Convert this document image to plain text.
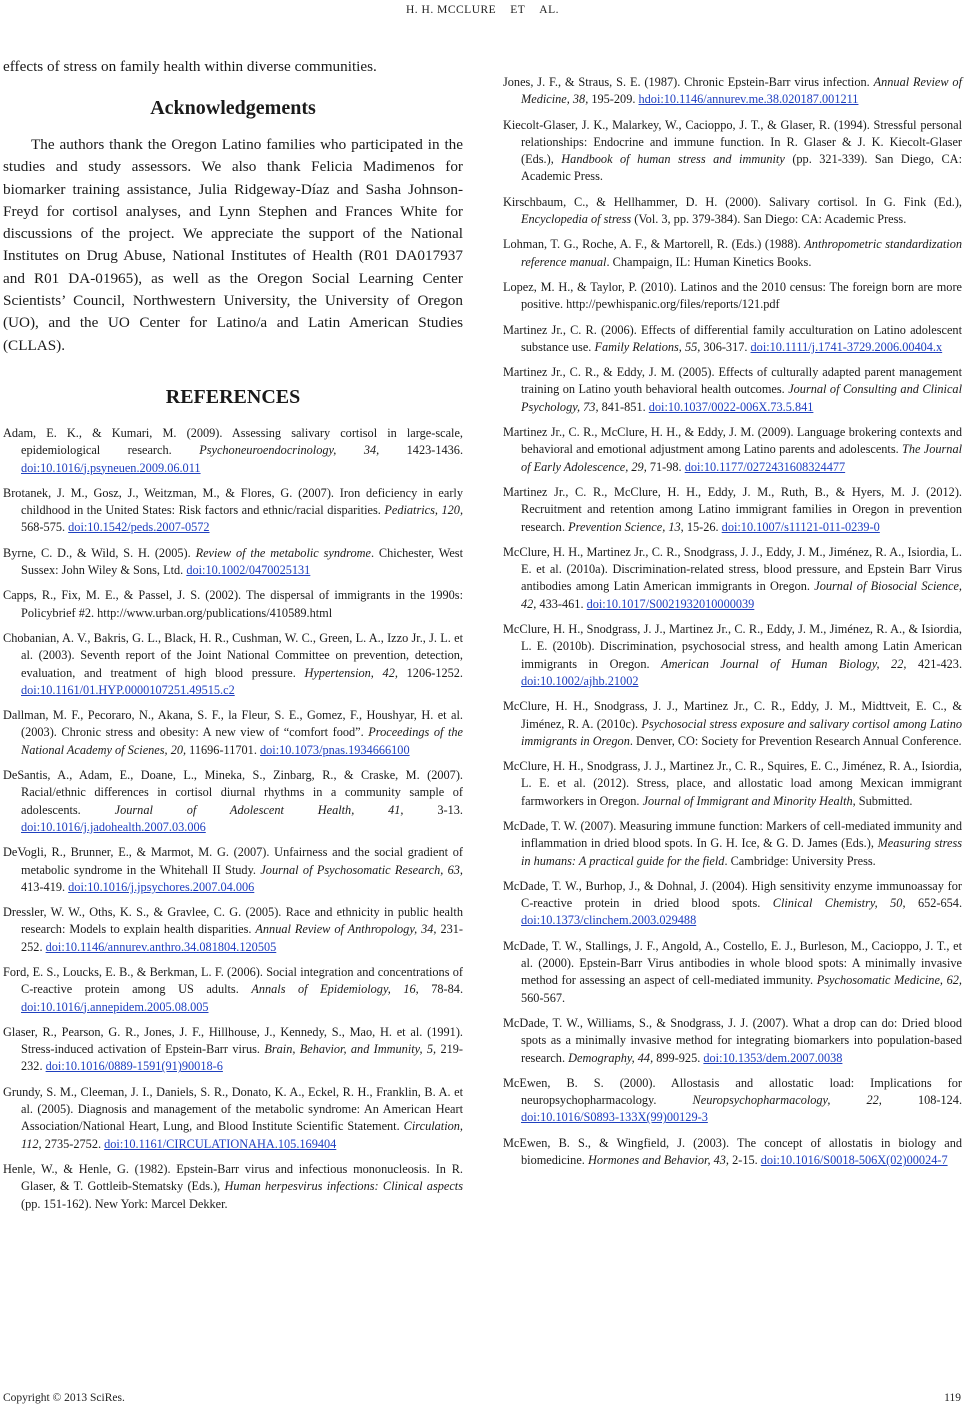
H. H. MCCLURE ET AL.

effects of stress on family health within diverse communities.

Acknowledgements

The authors thank the Oregon Latino families who participated in the studies and study assessors. We also thank Felicia Madimenos for biomarker training assistance, Julia Ridgeway-Díaz and Sasha Johnson-Freyd for cortisol analyses, and Lynn Stephen and Frances White for discussions of the project. We appreciate the support of the National Institutes on Drug Abuse, National Institutes of Health (R01 DA017937 and R01 DA-01965), as well as the Oregon Social Learning Center Scientists’ Council, Northwestern University, the University of Oregon (UO), and the UO Center for Latino/a and Latin American Studies (CLLAS).

REFERENCES

Adam, E. K., & Kumari, M. (2009). Assessing salivary cortisol in large-scale, epidemiological research. Psychoneuroendocrinology, 34, 1423-1436. doi:10.1016/j.psyneuen.2009.06.011

Brotanek, J. M., Gosz, J., Weitzman, M., & Flores, G. (2007). Iron deficiency in early childhood in the United States: Risk factors and ethnic/racial disparities. Pediatrics, 120, 568-575. doi:10.1542/peds.2007-0572

Byrne, C. D., & Wild, S. H. (2005). Review of the metabolic syndrome. Chichester, West Sussex: John Wiley & Sons, Ltd. doi:10.1002/0470025131

Capps, R., Fix, M. E., & Passel, J. S. (2002). The dispersal of immigrants in the 1990s: Policybrief #2. http://www.urban.org/publications/410589.html

Chobanian, A. V., Bakris, G. L., Black, H. R., Cushman, W. C., Green, L. A., Izzo Jr., J. L. et al. (2003). Seventh report of the Joint National Committee on prevention, detection, evaluation, and treatment of high blood pressure. Hypertension, 42, 1206-1252. doi:10.1161/01.HYP.0000107251.49515.c2

Dallman, M. F., Pecoraro, N., Akana, S. F., la Fleur, S. E., Gomez, F., Houshyar, H. et al. (2003). Chronic stress and obesity: A new view of “comfort food”. Proceedings of the National Academy of Scienes, 20, 11696-11701. doi:10.1073/pnas.1934666100

DeSantis, A., Adam, E., Doane, L., Mineka, S., Zinbarg, R., & Craske, M. (2007). Racial/ethnic differences in cortisol diurnal rhythms in a community sample of adolescents.	Journal of Adolescent Health, 41,	3-13. doi:10.1016/j.jadohealth.2007.03.006

DeVogli, R., Brunner, E., & Marmot, M. G. (2007). Unfairness and the social gradient of metabolic syndrome in the Whitehall II Study. Journal of Psychosomatic Research, 63, 413-419. doi:10.1016/j.jpsychores.2007.04.006

Dressler, W. W., Oths, K. S., & Gravlee, C. G. (2005). Race and ethnicity in public health research: Models to explain health disparities. Annual Review of Anthropology, 34, 231-252. doi:10.1146/annurev.anthro.34.081804.120505

Ford, E. S., Loucks, E. B., & Berkman, L. F. (2006). Social integration and concentrations of C-reactive protein among US adults. Annals of Epidemiology, 16, 78-84. doi:10.1016/j.annepidem.2005.08.005

Glaser, R., Pearson, G. R., Jones, J. F., Hillhouse, J., Kennedy, S., Mao, H. et al. (1991). Stress-induced activation of Epstein-Barr virus. Brain, Behavior, and Immunity, 5, 219-232. doi:10.1016/0889-1591(91)90018-6

Grundy, S. M., Cleeman, J. I., Daniels, S. R., Donato, K. A., Eckel, R. H., Franklin, B. A. et al. (2005). Diagnosis and management of the metabolic syndrome: An American Heart Association/National Heart, Lung, and Blood Institute Scientific Statement. Circulation, 112, 2735-2752. doi:10.1161/CIRCULATIONAHA.105.169404

Henle, W., & Henle, G. (1982). Epstein-Barr virus and infectious mononucleosis. In R. Glaser, & T. Gottleib-Stematsky (Eds.), Human herpesvirus infections: Clinical aspects (pp. 151-162). New York: Marcel Dekker.

Jones, J. F., & Straus, S. E. (1987). Chronic Epstein-Barr virus infection. Annual Review of Medicine, 38, 195-209. hdoi:10.1146/annurev.me.38.020187.001211

Kiecolt-Glaser, J. K., Malarkey, W., Cacioppo, J. T., & Glaser, R. (1994). Stressful personal relationships: Endocrine and immune function. In R. Glaser & J. K. Kiecolt-Glaser (Eds.), Handbook of human stress and immunity (pp. 321-339). San Diego, CA: Academic Press.

Kirschbaum, C., & Hellhammer, D. H. (2000). Salivary cortisol. In G. Fink (Ed.), Encyclopedia of stress (Vol. 3, pp. 379-384). San Diego: CA: Academic Press.

Lohman, T. G., Roche, A. F., & Martorell, R. (Eds.) (1988). Anthropometric standardization reference manual. Champaign, IL: Human Kinetics Books.

Lopez, M. H., & Taylor, P. (2010). Latinos and the 2010 census: The foreign born are more positive. http://pewhispanic.org/files/reports/121.pdf

Martinez Jr., C. R. (2006). Effects of differential family acculturation on Latino adolescent substance use. Family Relations, 55, 306-317. doi:10.1111/j.1741-3729.2006.00404.x

Martinez Jr., C. R., & Eddy, J. M. (2005). Effects of culturally adapted parent management training on Latino youth behavioral health outcomes. Journal of Consulting and Clinical Psychology, 73, 841-851. doi:10.1037/0022-006X.73.5.841

Martinez Jr., C. R., McClure, H. H., & Eddy, J. M. (2009). Language brokering contexts and behavioral and emotional adjustment among Latino parents and adolescents. The Journal of Early Adolescence, 29, 71-98. doi:10.1177/0272431608324477

Martinez Jr., C. R., McClure, H. H., Eddy, J. M., Ruth, B., & Hyers, M. J. (2012). Recruitment and retention among Latino immigrant families in Oregon in prevention research. Prevention Science, 13, 15-26. doi:10.1007/s11121-011-0239-0

McClure, H. H., Martinez Jr., C. R., Snodgrass, J. J., Eddy, J. M., Jiménez, R. A., Isiordia, L. E. et al. (2010a). Discrimination-related stress, blood pressure, and Epstein Barr Virus antibodies among Latin American immigrants in Oregon. Journal of Biosocial Science, 42, 433-461. doi:10.1017/S0021932010000039

McClure, H. H., Snodgrass, J. J., Martinez Jr., C. R., Eddy, J. M., Jiménez, R. A., & Isiordia, L. E. (2010b). Discrimination, psychosocial stress, and health among Latin American immigrants in Oregon. American Journal of Human Biology, 22, 421-423. doi:10.1002/ajhb.21002

McClure, H. H., Snodgrass, J. J., Martinez Jr., C. R., Eddy, J. M., Midttveit, E. C., & Jiménez, R. A. (2010c). Psychosocial stress exposure and salivary cortisol among Latino immigrants in Oregon. Denver, CO: Society for Prevention Research Annual Conference.

McClure, H. H., Snodgrass, J. J., Martinez Jr., C. R., Squires, E. C., Jiménez, R. A., Isiordia, L. E. et al. (2012). Stress, place, and allostatic load among Mexican immigrant farmworkers in Oregon. Journal of Immigrant and Minority Health, Submitted.

McDade, T. W. (2007). Measuring immune function: Markers of cell-mediated immunity and inflammation in dried blood spots. In G. H. Ice, & G. D. James (Eds.), Measuring stress in humans: A practical guide for the field. Cambridge: University Press.

McDade, T. W., Burhop, J., & Dohnal, J. (2004). High sensitivity enzyme immunoassay for C-reactive protein in dried blood spots. Clinical Chemistry, 50, 652-654. doi:10.1373/clinchem.2003.029488

McDade, T. W., Stallings, J. F., Angold, A., Costello, E. J., Burleson, M., Cacioppo, J. T., et al. (2000). Epstein-Barr Virus antibodies in whole blood spots: A minimally invasive method for assessing an aspect of cell-mediated immunity. Psychosomatic Medicine, 62, 560-567.

McDade, T. W., Williams, S., & Snodgrass, J. J. (2007). What a drop can do: Dried blood spots as a minimally invasive method for integrating biomarkers into population-based research. Demography, 44, 899-925. doi:10.1353/dem.2007.0038

McEwen, B. S. (2000). Allostasis and allostatic load: Implications for neuropsychopharmacology.	Neuropsychopharmacology, 22,	108-124. doi:10.1016/S0893-133X(99)00129-3

McEwen, B. S., & Wingfield, J. (2003). The concept of allostatis in biology and biomedicine. Hormones and Behavior, 43, 2-15. doi:10.1016/S0018-506X(02)00024-7

Copyright © 2013 SciRes.	119
